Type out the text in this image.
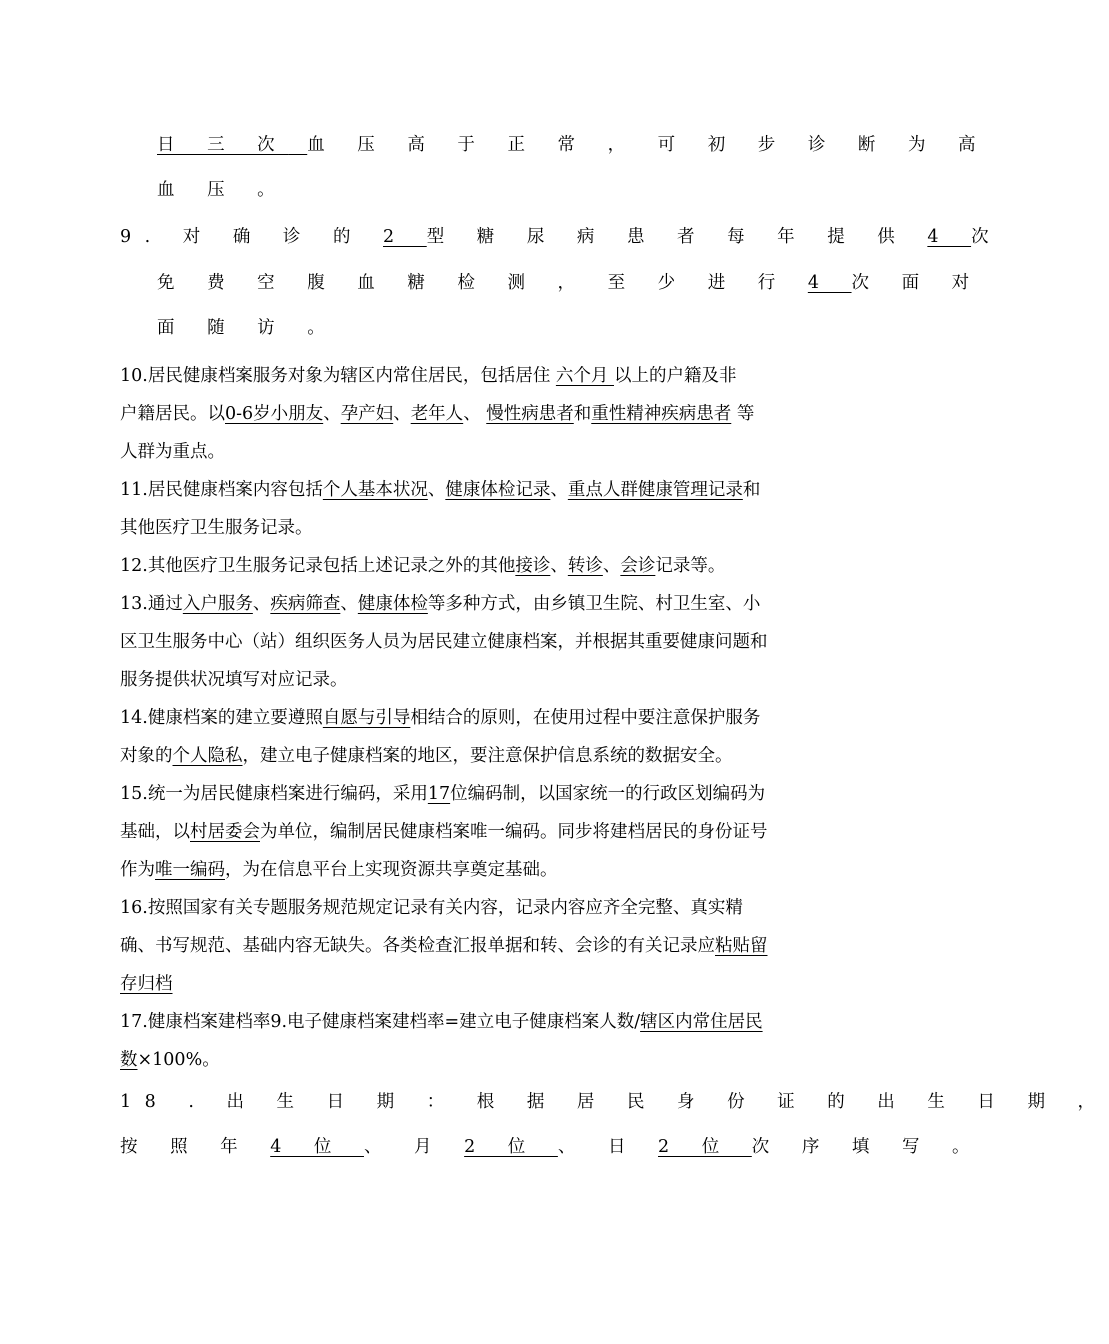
日 三 次 血 压 高 于 正 常 ， 可 初 步 诊 断 为 高
血 压 。
9. 对 确 诊 的 2 型 糖 尿 病 患 者 每 年 提 供 4 次
免 费 空 腹 血 糖 检 测 ， 至 少 进 行 4 次 面 对
面 随 访 。
10.居民健康档案服务对象为辖区内常住居民，包括居住 六个月 以上的户籍及非
户籍居民。以0-6岁小朋友、孕产妇、老年人、 慢性病患者和重性精神疾病患者 等
人群为重点。
11.居民健康档案内容包括个人基本状况、健康体检记录、重点人群健康管理记录和
其他医疗卫生服务记录。
12.其他医疗卫生服务记录包括上述记录之外的其他接诊、转诊、会诊记录等。
13.通过入户服务、疾病筛查、健康体检等多种方式，由乡镇卫生院、村卫生室、小
区卫生服务中心（站）组织医务人员为居民建立健康档案，并根据其重要健康问题和
服务提供状况填写对应记录。
14.健康档案的建立要遵照自愿与引导相结合的原则，在使用过程中要注意保护服务
对象的个人隐私，建立电子健康档案的地区，要注意保护信息系统的数据安全。
15.统一为居民健康档案进行编码，采用17位编码制，以国家统一的行政区划编码为
基础，以村居委会为单位，编制居民健康档案唯一编码。同步将建档居民的身份证号
作为唯一编码，为在信息平台上实现资源共享奠定基础。
16.按照国家有关专题服务规范规定记录有关内容，记录内容应齐全完整、真实精
确、书写规范、基础内容无缺失。各类检查汇报单据和转、会诊的有关记录应粘贴留
存归档
17.健康档案建档率9.电子健康档案建档率=建立电子健康档案人数/辖区内常住居民
数×100%。
18 . 出 生 日 期 ： 根 据 居 民 身 份 证 的 出 生 日 期 ，
按 照 年 4 位 、 月 2 位 、 日 2 位 次 序 填 写 。
